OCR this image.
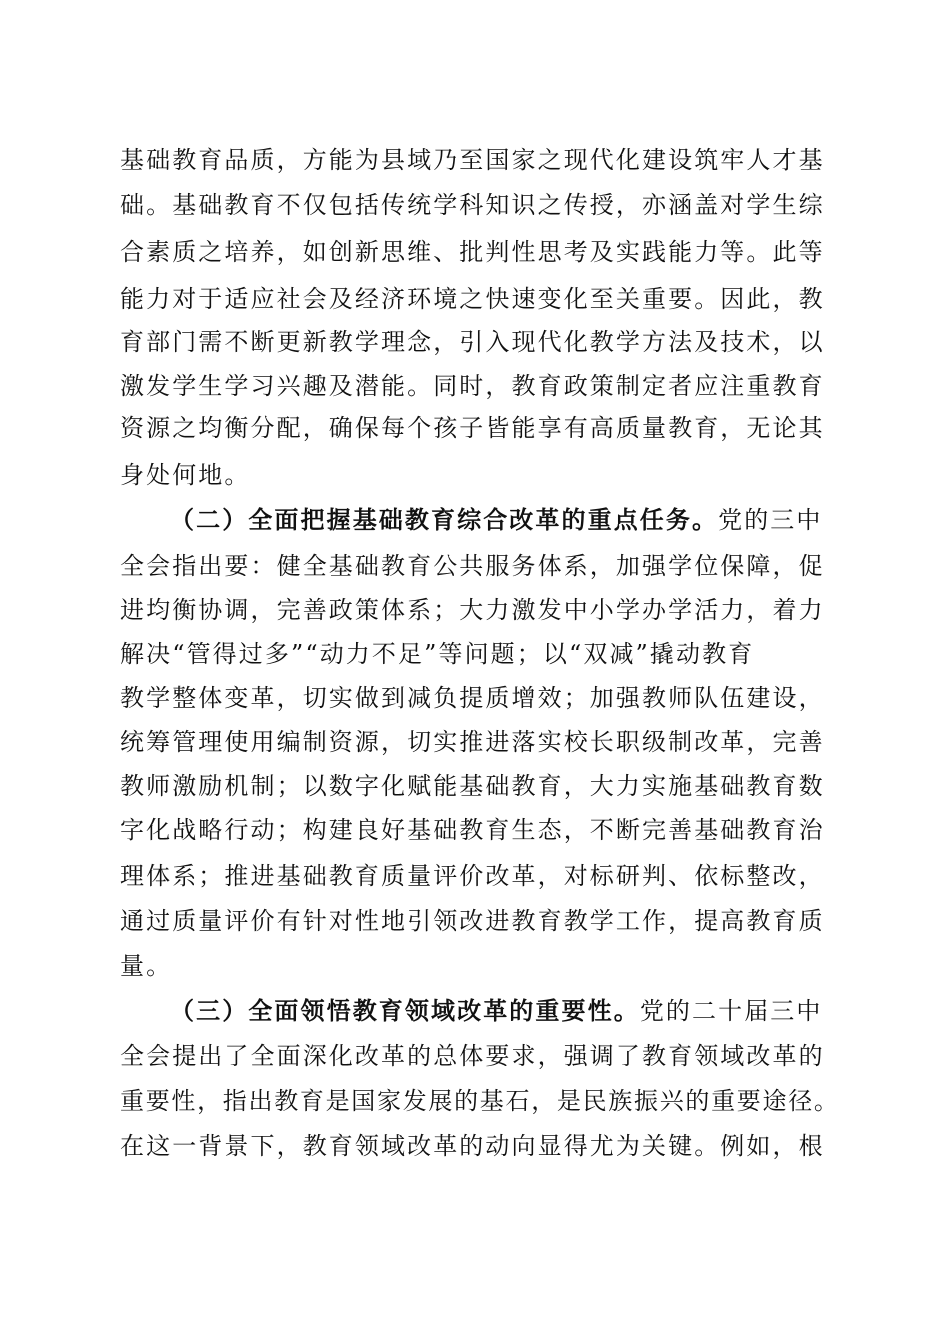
基础教育品质，方能为县域乃至国家之现代化建设筑牢人才基
础。基础教育不仅包括传统学科知识之传授，亦涵盖对学生综
合素质之培养，如创新思维、批判性思考及实践能力等。此等
能力对于适应社会及经济环境之快速变化至关重要。因此，教
育部门需不断更新教学理念，引入现代化教学方法及技术，以
激发学生学习兴趣及潜能。同时，教育政策制定者应注重教育
资源之均衡分配，确保每个孩子皆能享有高质量教育，无论其
身处何地。
（二）全面把握基础教育综合改革的重点任务。党的三中
全会指出要：健全基础教育公共服务体系，加强学位保障，促
进均衡协调，完善政策体系；大力激发中小学办学活力，着力
解决“管得过多”“动力不足”等问题；以“双减”撬动教育
教学整体变革，切实做到减负提质增效；加强教师队伍建设，
统筹管理使用编制资源，切实推进落实校长职级制改革，完善
教师激励机制；以数字化赋能基础教育，大力实施基础教育数
字化战略行动；构建良好基础教育生态，不断完善基础教育治
理体系；推进基础教育质量评价改革，对标研判、依标整改，
通过质量评价有针对性地引领改进教育教学工作，提高教育质
量。
（三）全面领悟教育领域改革的重要性。党的二十届三中
全会提出了全面深化改革的总体要求，强调了教育领域改革的
重要性，指出教育是国家发展的基石，是民族振兴的重要途径。
在这一背景下，教育领域改革的动向显得尤为关键。例如，根
